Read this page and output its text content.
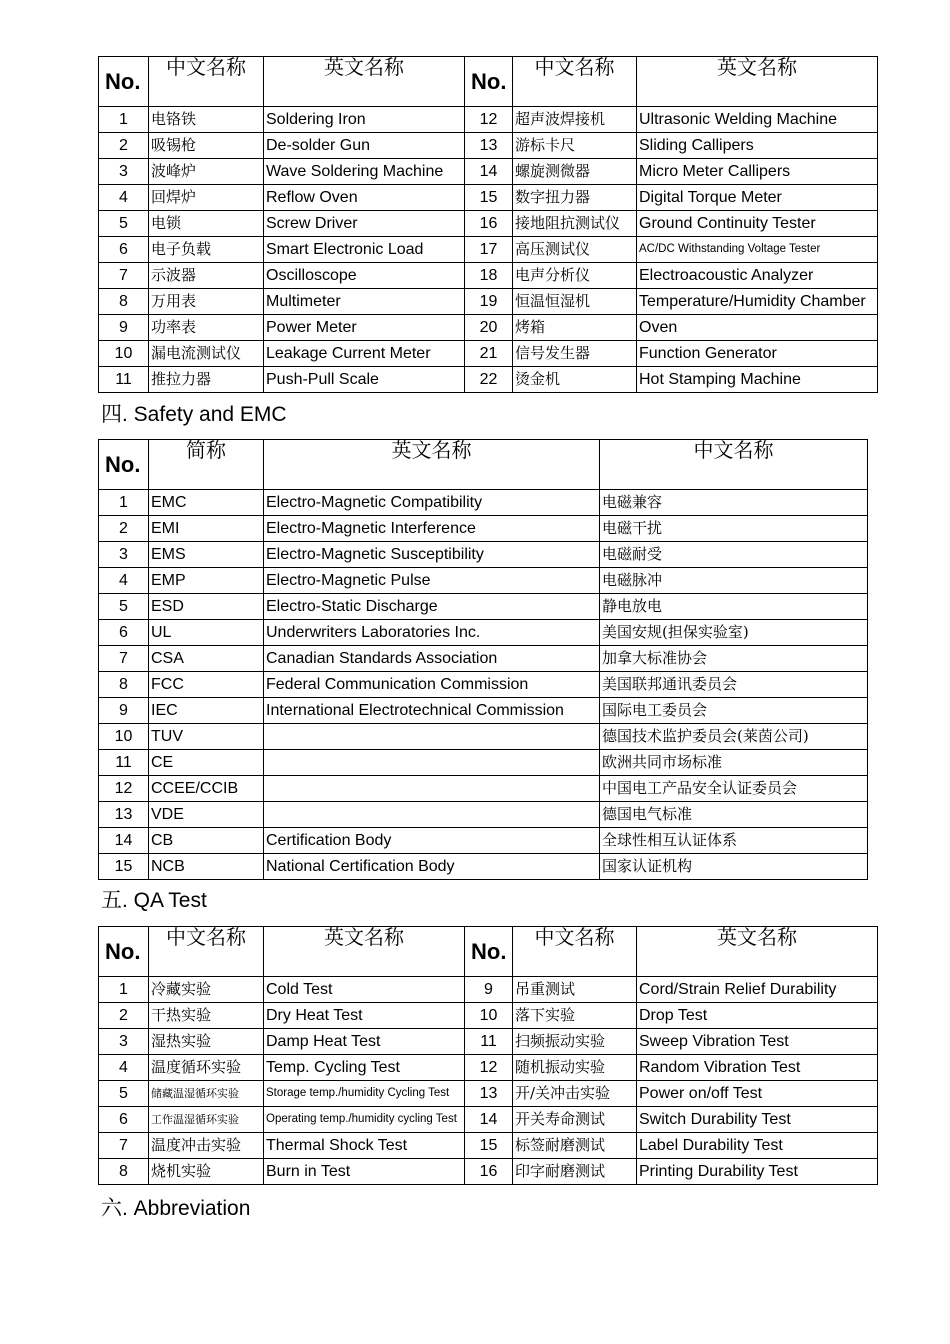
No.	中文名称	英文名称	No.	中文名称	英文名称
1	电铬铁	Soldering Iron	12	超声波焊接机	Ultrasonic Welding Machine
2	吸锡枪	De-solder Gun	13	游标卡尺	Sliding Callipers
3	波峰炉	Wave Soldering Machine	14	螺旋测微器	Micro Meter Callipers
4	回焊炉	Reflow Oven	15	数字扭力器	Digital Torque Meter
5	电锁	Screw Driver	16	接地阻抗测试仪	Ground Continuity Tester
6	电子负载	Smart Electronic Load	17	高压测试仪	AC/DC Withstanding Voltage Tester
7	示波器	Oscilloscope	18	电声分析仪	Electroacoustic Analyzer
8	万用表	Multimeter	19	恒温恒湿机	Temperature/Humidity Chamber
9	功率表	Power Meter	20	烤箱	Oven
10	漏电流测试仪	Leakage Current Meter	21	信号发生器	Function Generator
11	推拉力器	Push-Pull Scale	22	烫金机	Hot Stamping Machine
四. Safety and EMC
No.	简称	英文名称	中文名称
1	EMC	Electro-Magnetic Compatibility	电磁兼容
2	EMI	Electro-Magnetic Interference	电磁干扰
3	EMS	Electro-Magnetic Susceptibility	电磁耐受
4	EMP	Electro-Magnetic Pulse	电磁脉冲
5	ESD	Electro-Static Discharge	静电放电
6	UL	Underwriters Laboratories Inc.	美国安规(担保实验室)
7	CSA	Canadian Standards Association	加拿大标准协会
8	FCC	Federal Communication Commission	美国联邦通讯委员会
9	IEC	International Electrotechnical Commission	国际电工委员会
10	TUV		德国技术监护委员会(莱茵公司)
11	CE		欧洲共同市场标准
12	CCEE/CCIB		中国电工产品安全认证委员会
13	VDE		德国电气标准
14	CB	Certification Body	全球性相互认证体系
15	NCB	National Certification Body	国家认证机构
五. QA Test
No.	中文名称	英文名称	No.	中文名称	英文名称
1	冷藏实验	Cold Test	9	吊重测试	Cord/Strain Relief Durability
2	干热实验	Dry Heat Test	10	落下实验	Drop Test
3	湿热实验	Damp Heat Test	11	扫频振动实验	Sweep Vibration Test
4	温度循环实验	Temp. Cycling Test	12	随机振动实验	Random Vibration Test
5	储藏温湿循环实验	Storage temp./humidity Cycling Test	13	开/关冲击实验	Power on/off Test
6	工作温湿循环实验	Operating temp./humidity cycling Test	14	开关寿命测试	Switch Durability Test
7	温度冲击实验	Thermal Shock Test	15	标签耐磨测试	Label Durability Test
8	烧机实验	Burn in Test	16	印字耐磨测试	Printing Durability Test
六. Abbreviation
